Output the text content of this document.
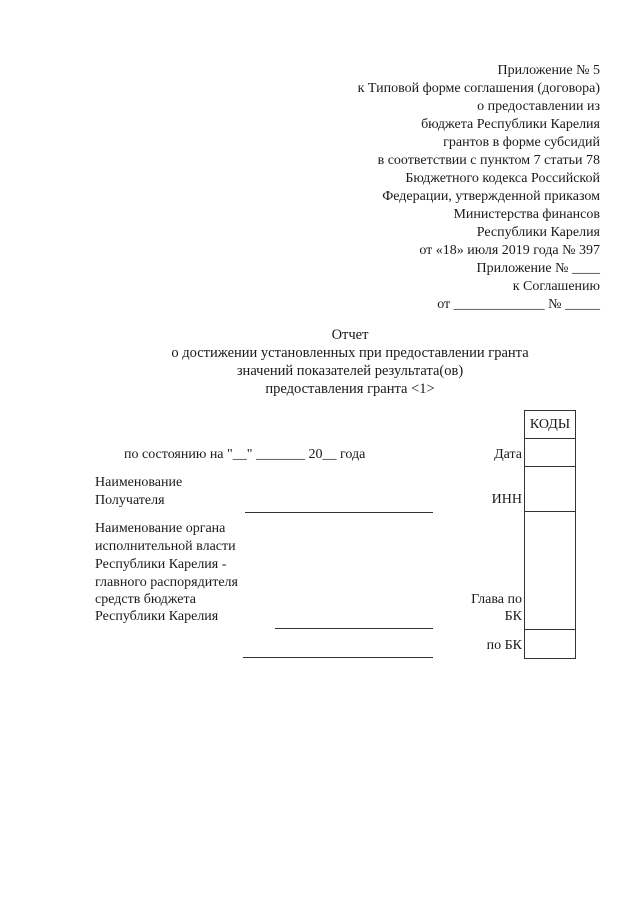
Приложение № 5

к Типовой форме соглашения (договора)

о предоставлении из

бюджета Республики Карелия

грантов в форме субсидий

в соответствии с пунктом 7 статьи 78

Бюджетного кодекса Российской

Федерации, утвержденной приказом

Министерства финансов

Республики Карелия

от «18» июля 2019 года № 397

Приложение № ____

к Соглашению

от _____________ № _____

Отчет
о достижении установленных при предоставлении гранта
значений показателей результата(ов)
предоставления гранта <1>
КОДЫ
по состоянию на "__" _______ 20__ года	Дата
Наименование
Получателя	ИНН
Наименование органа
исполнительной власти
Республики Карелия -
главного распорядителя
средств бюджета
Республики Карелия
Глава по
БК
по БК
